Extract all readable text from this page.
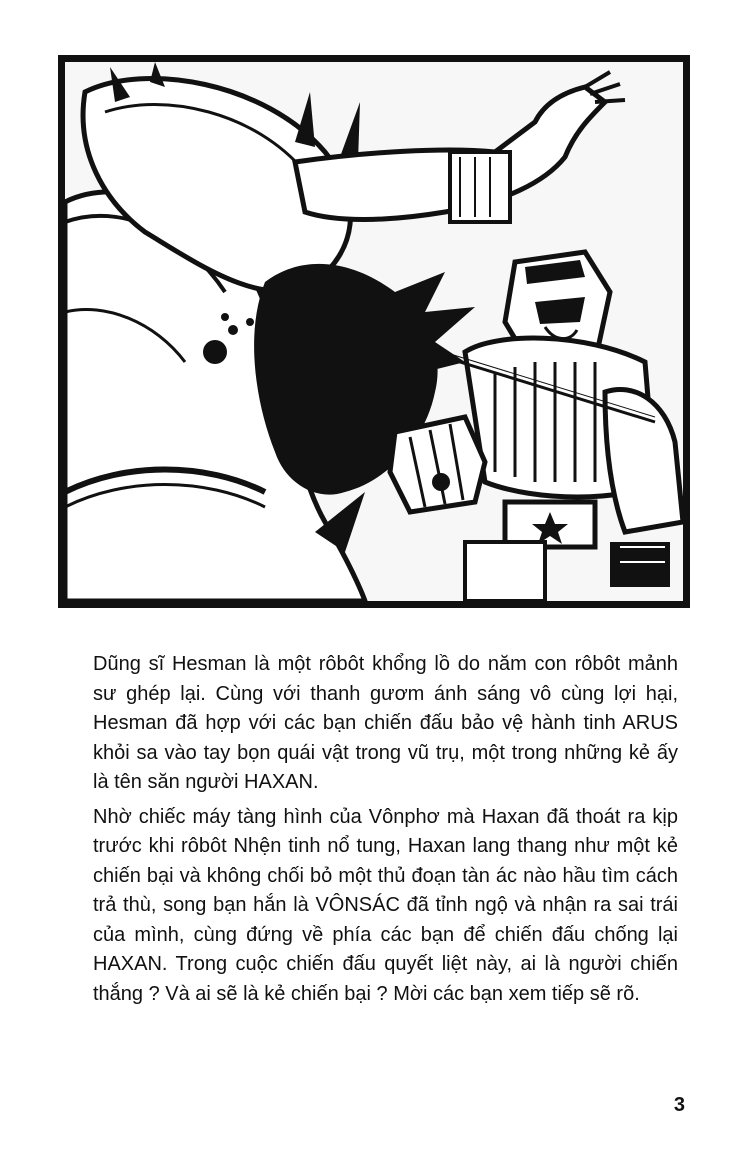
Dũng sĩ Hesman là một rôbôt khổng lồ do năm con rôbôt mảnh sư ghép lại. Cùng với thanh gươm ánh sáng vô cùng lợi hại, Hesman đã hợp với các bạn chiến đấu bảo vệ hành tinh ARUS khỏi sa vào tay bọn quái vật trong vũ trụ, một trong những kẻ ấy là tên săn người HAXAN.

Nhờ chiếc máy tàng hình của Vônphơ mà Haxan đã thoát ra kịp trước khi rôbôt Nhện tinh nổ tung, Haxan lang thang như một kẻ chiến bại và không chối bỏ một thủ đoạn tàn ác nào hầu tìm cách trả thù, song bạn hắn là VÔNSÁC đã tỉnh ngộ và nhận ra sai trái của mình, cùng đứng về phía các bạn để chiến đấu chống lại HAXAN. Trong cuộc chiến đấu quyết liệt này, ai là người chiến thắng ? Và ai sẽ là kẻ chiến bại ? Mời các bạn xem tiếp sẽ rõ.

3
